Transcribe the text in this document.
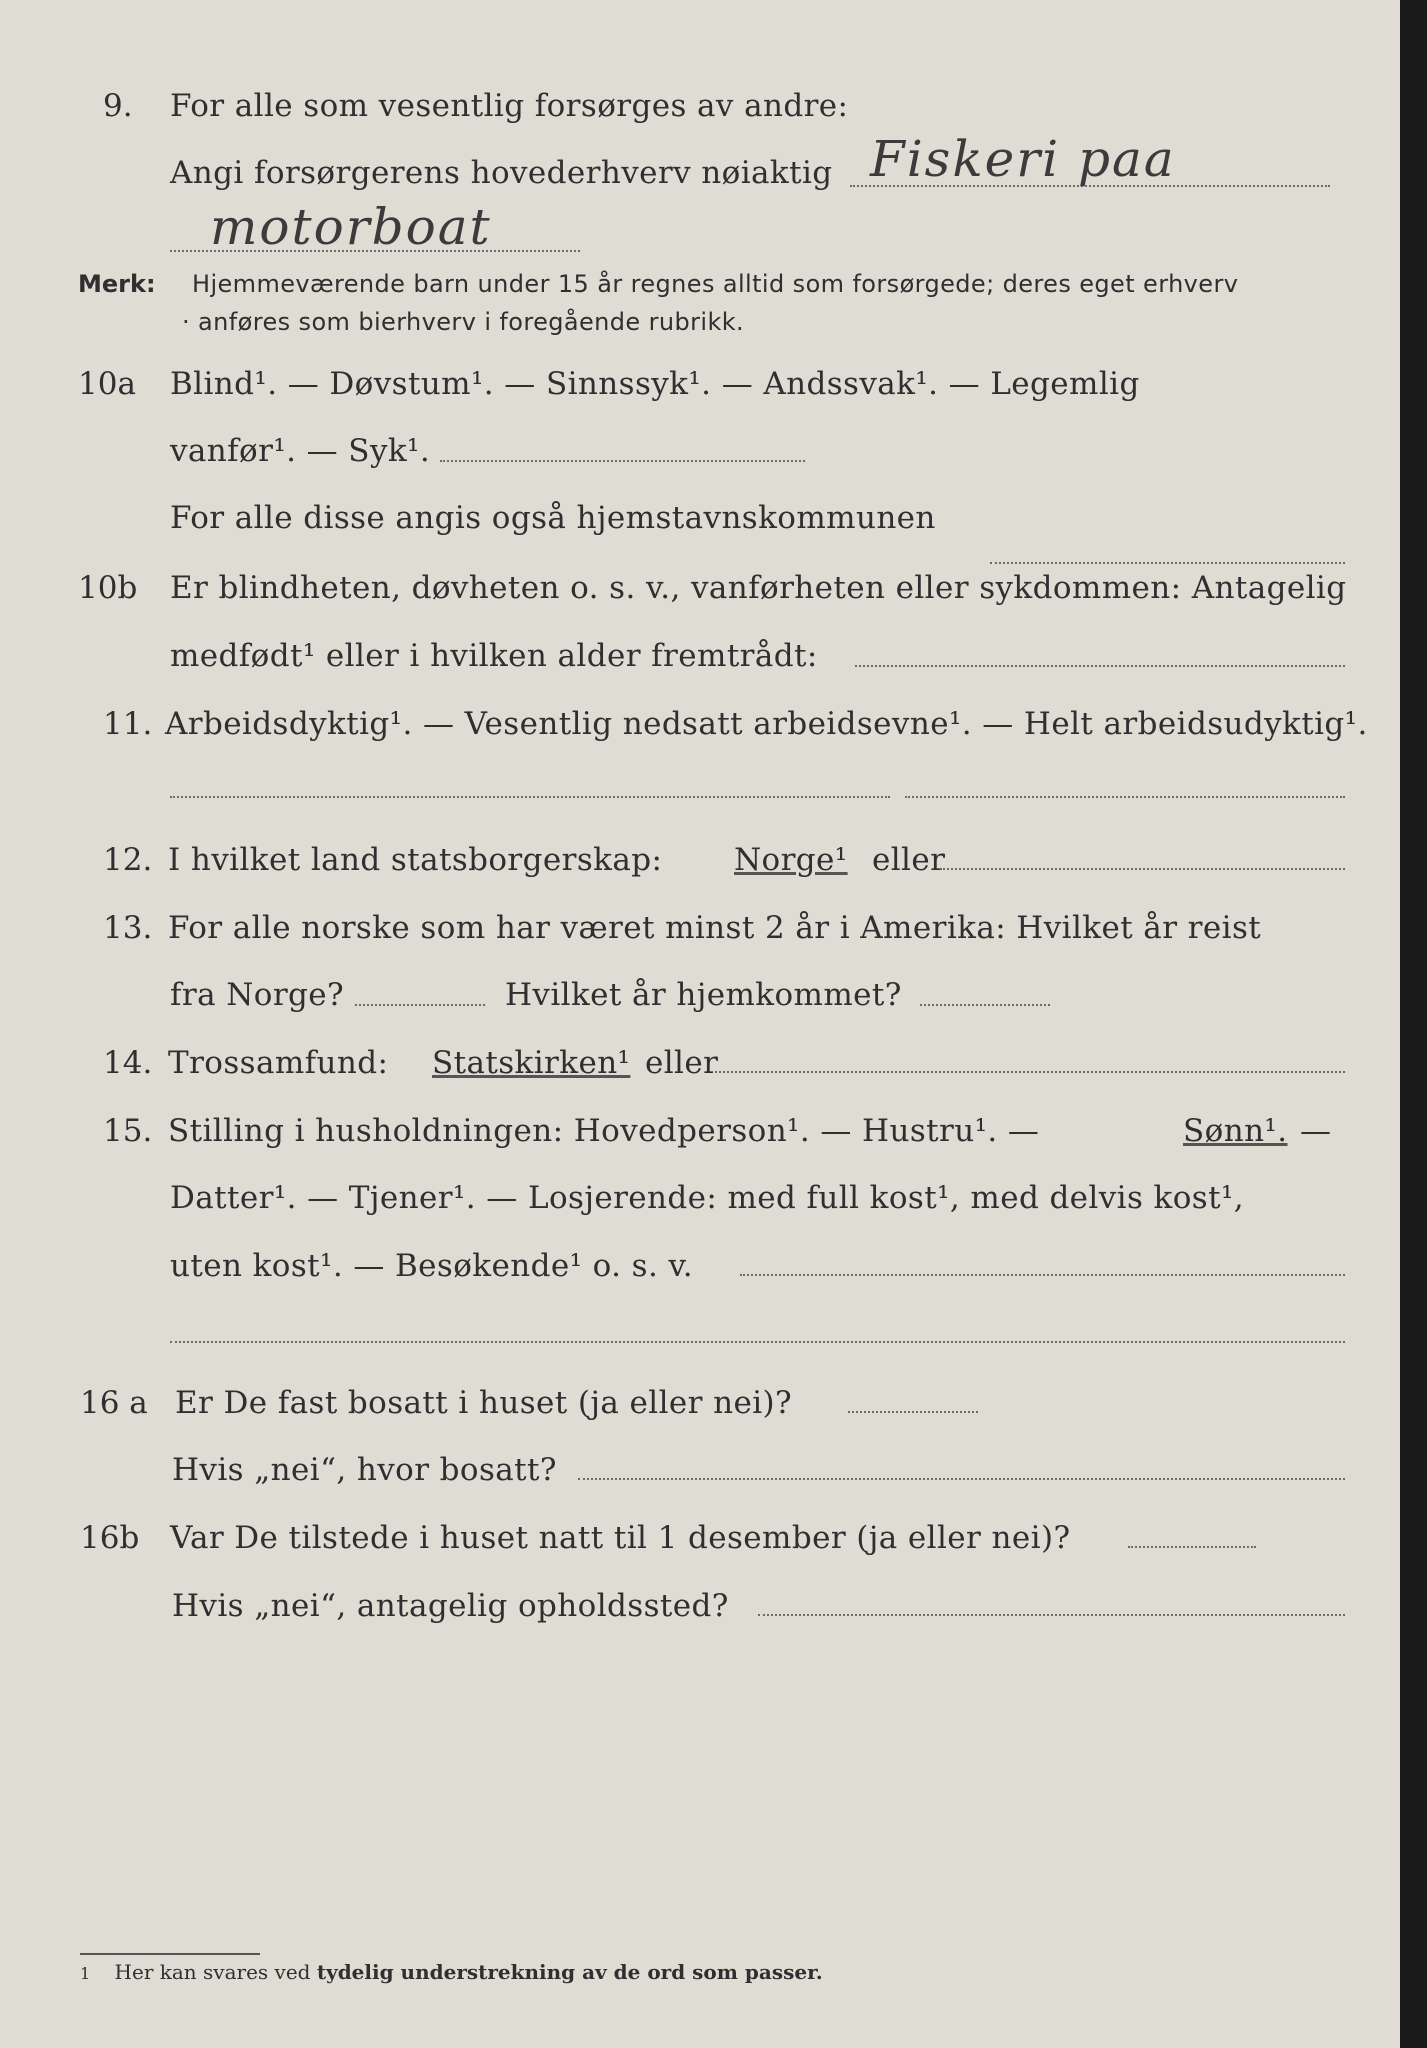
9. For alle som vesentlig forsørges av andre:
Angi forsørgerens hovederhverv nøiaktig Fiskeri paa
motorboat
Merk: Hjemmeværende barn under 15 år regnes alltid som forsørgede; deres eget erhverv
· anføres som bierhverv i foregående rubrikk.
10a Blind¹. — Døvstum¹. — Sinnssyk¹. — Andssvak¹. — Legemlig
vanfør¹. — Syk¹.
For alle disse angis også hjemstavnskommunen
10b Er blindheten, døvheten o. s. v., vanførheten eller sykdommen: Antagelig
medfødt¹ eller i hvilken alder fremtrådt:
11. Arbeidsdyktig¹. — Vesentlig nedsatt arbeidsevne¹. — Helt arbeidsudyktig¹.
12. I hvilket land statsborgerskap: Norge¹ eller
13. For alle norske som har været minst 2 år i Amerika: Hvilket år reist
fra Norge?	Hvilket år hjemkommet?
14. Trossamfund: Statskirken¹ eller
15. Stilling i husholdningen: Hovedperson¹. — Hustru¹. —	Sønn¹. —
Datter¹. — Tjener¹. — Losjerende: med full kost¹, med delvis kost¹,
uten kost¹. — Besøkende¹ o. s. v.
16 a Er De fast bosatt i huset (ja eller nei)?
Hvis „nei“, hvor bosatt?
16b Var De tilstede i huset natt til 1 desember (ja eller nei)?
Hvis „nei“, antagelig opholdssted?
1 Her kan svares ved tydelig understrekning av de ord som passer.
